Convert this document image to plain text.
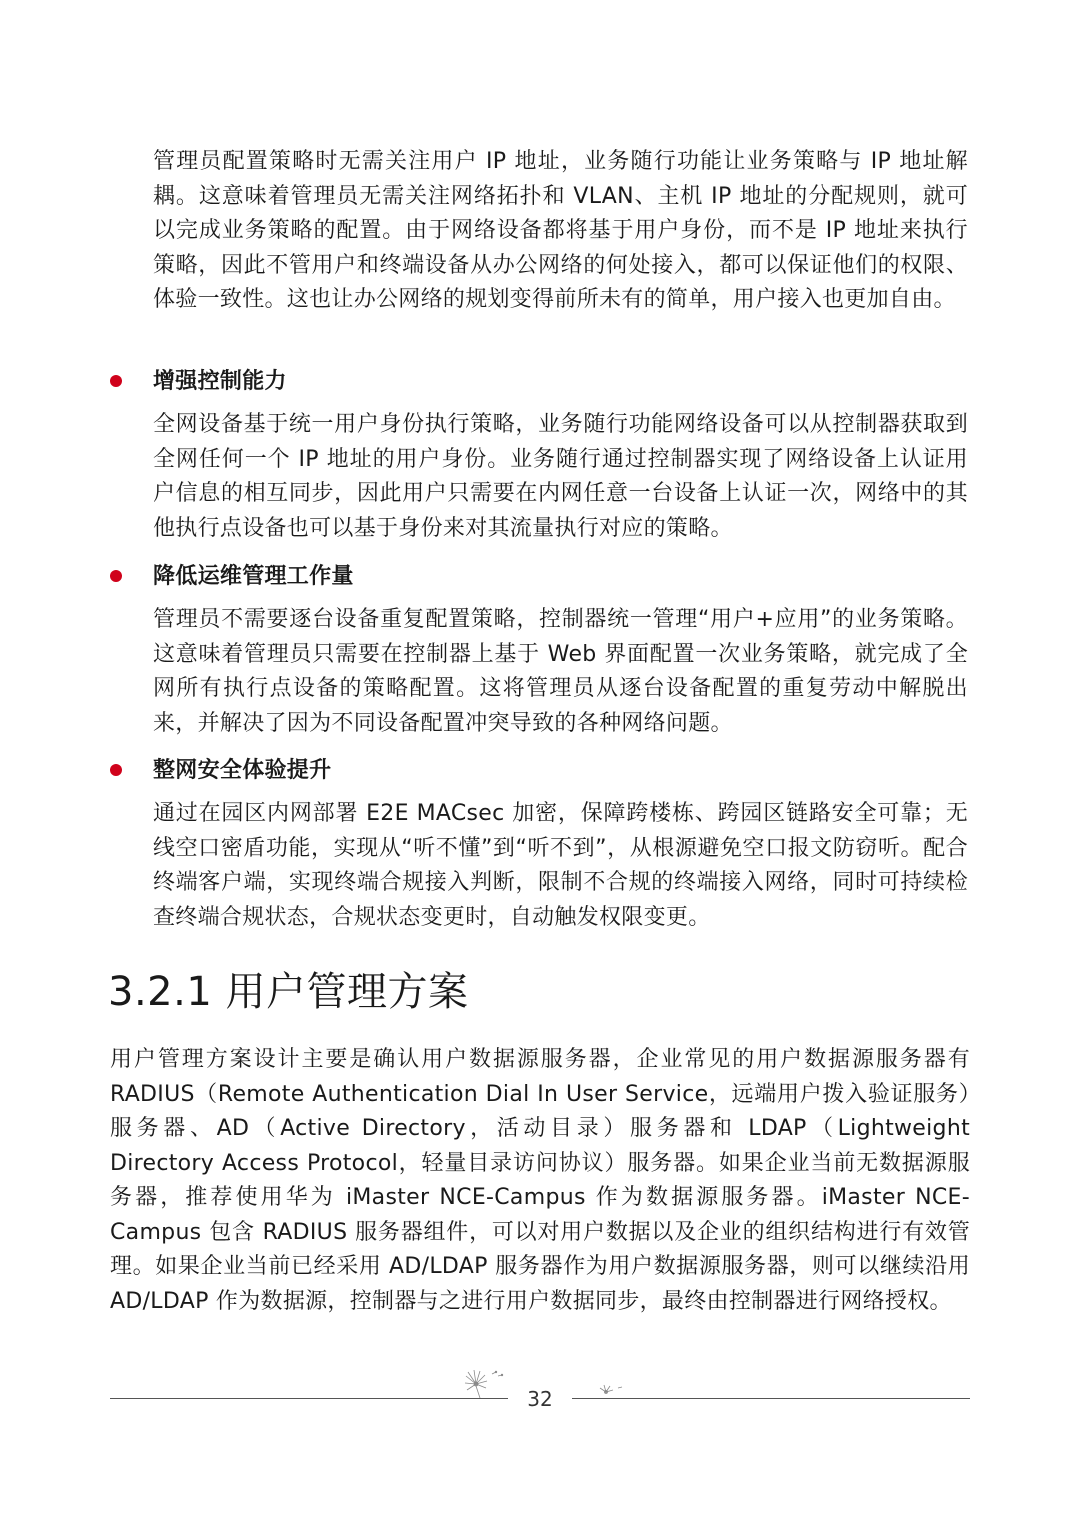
管理员配置策略时无需关注用户 IP 地址，业务随行功能让业务策略与 IP 地址解耦。这意味着管理员无需关注网络拓扑和 VLAN、主机 IP 地址的分配规则，就可以完成业务策略的配置。由于网络设备都将基于用户身份，而不是 IP 地址来执行策略，因此不管用户和终端设备从办公网络的何处接入，都可以保证他们的权限、体验一致性。这也让办公网络的规划变得前所未有的简单，用户接入也更加自由。

增强控制能力

全网设备基于统一用户身份执行策略，业务随行功能网络设备可以从控制器获取到全网任何一个 IP 地址的用户身份。业务随行通过控制器实现了网络设备上认证用户信息的相互同步，因此用户只需要在内网任意一台设备上认证一次，网络中的其他执行点设备也可以基于身份来对其流量执行对应的策略。

降低运维管理工作量

管理员不需要逐台设备重复配置策略，控制器统一管理“用户+应用”的业务策略。这意味着管理员只需要在控制器上基于 Web 界面配置一次业务策略，就完成了全网所有执行点设备的策略配置。这将管理员从逐台设备配置的重复劳动中解脱出来，并解决了因为不同设备配置冲突导致的各种网络问题。

整网安全体验提升

通过在园区内网部署 E2E MACsec 加密，保障跨楼栋、跨园区链路安全可靠；无线空口密盾功能，实现从“听不懂”到“听不到”，从根源避免空口报文防窃听。配合终端客户端，实现终端合规接入判断，限制不合规的终端接入网络，同时可持续检查终端合规状态，合规状态变更时，自动触发权限变更。

3.2.1 用户管理方案

用户管理方案设计主要是确认用户数据源服务器，企业常见的用户数据源服务器有 RADIUS（Remote Authentication Dial In User Service，远端用户拨入验证服务）服务器、AD（Active Directory，活动目录）服务器和 LDAP（Lightweight Directory Access Protocol，轻量目录访问协议）服务器。如果企业当前无数据源服务器，推荐使用华为 iMaster NCE-Campus 作为数据源服务器。iMaster NCE-Campus 包含 RADIUS 服务器组件，可以对用户数据以及企业的组织结构进行有效管理。如果企业当前已经采用 AD/LDAP 服务器作为用户数据源服务器，则可以继续沿用 AD/LDAP 作为数据源，控制器与之进行用户数据同步，最终由控制器进行网络授权。

32
